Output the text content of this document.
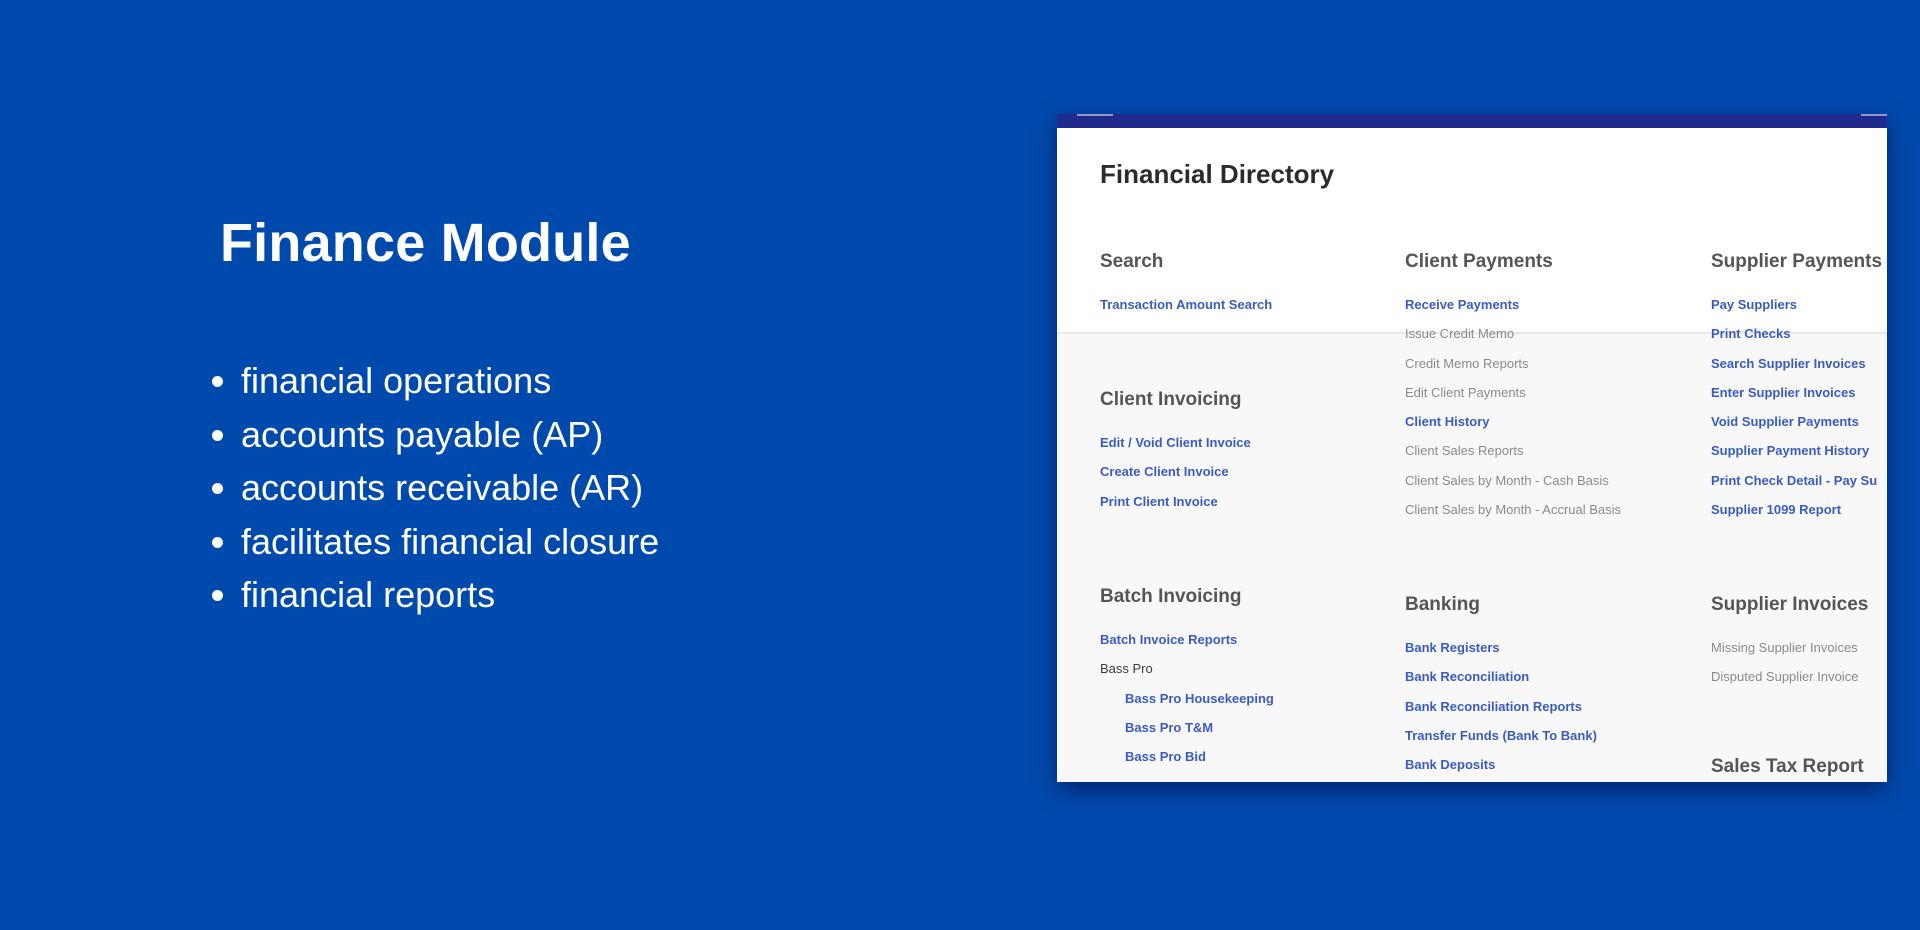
Finance Module
financial operations
accounts payable (AP)
accounts receivable (AR)
facilitates financial closure
financial reports
Financial Directory
Search
Transaction Amount Search
Client Invoicing
Edit / Void Client Invoice
Create Client Invoice
Print Client Invoice
Batch Invoicing
Batch Invoice Reports
Bass Pro
Bass Pro Housekeeping
Bass Pro T&M
Bass Pro Bid
Client Payments
Receive Payments
Issue Credit Memo
Credit Memo Reports
Edit Client Payments
Client History
Client Sales Reports
Client Sales by Month - Cash Basis
Client Sales by Month - Accrual Basis
Banking
Bank Registers
Bank Reconciliation
Bank Reconciliation Reports
Transfer Funds (Bank To Bank)
Bank Deposits
Supplier Payments
Pay Suppliers
Print Checks
Search Supplier Invoices
Enter Supplier Invoices
Void Supplier Payments
Supplier Payment History
Print Check Detail - Pay Su
Supplier 1099 Report
Supplier Invoices
Missing Supplier Invoices
Disputed Supplier Invoice
Sales Tax Report
